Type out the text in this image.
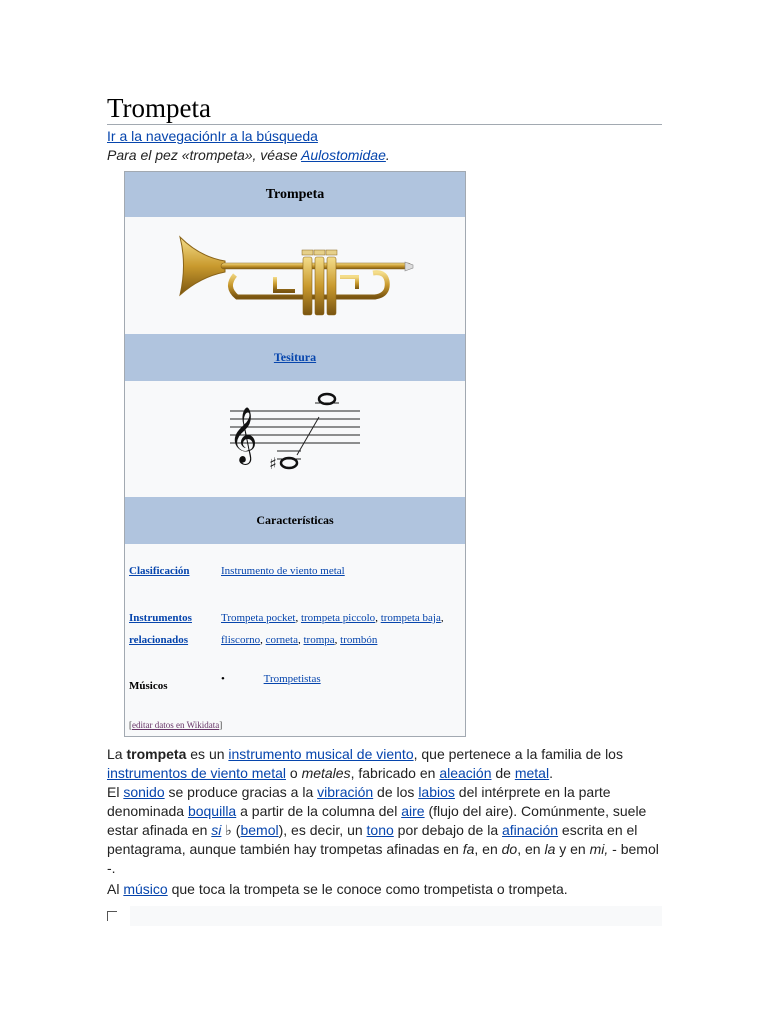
Trompeta
Ir a la navegaciónIr a la búsqueda
Para el pez «trompeta», véase Aulostomidae.
Trompeta
Tesitura
𝄞
♯
Características
Clasificación	Instrumento de viento metal
Instrumentos
relacionados
Trompeta pocket, trompeta piccolo, trompeta baja, fliscorno, corneta, trompa, trombón
Músicos
•	Trompetistas
[editar datos en Wikidata]
La trompeta es un instrumento musical de viento, que pertenece a la familia de los instrumentos de viento metal o metales, fabricado en aleación de metal.
El sonido se produce gracias a la vibración de los labios del intérprete en la parte denominada boquilla a partir de la columna del aire (flujo del aire). Comúnmente, suele estar afinada en si ♭ (bemol), es decir, un tono por debajo de la afinación escrita en el pentagrama, aunque también hay trompetas afinadas en fa, en do, en la y en mi, - bemol -.
Al músico que toca la trompeta se le conoce como trompetista o trompeta.
